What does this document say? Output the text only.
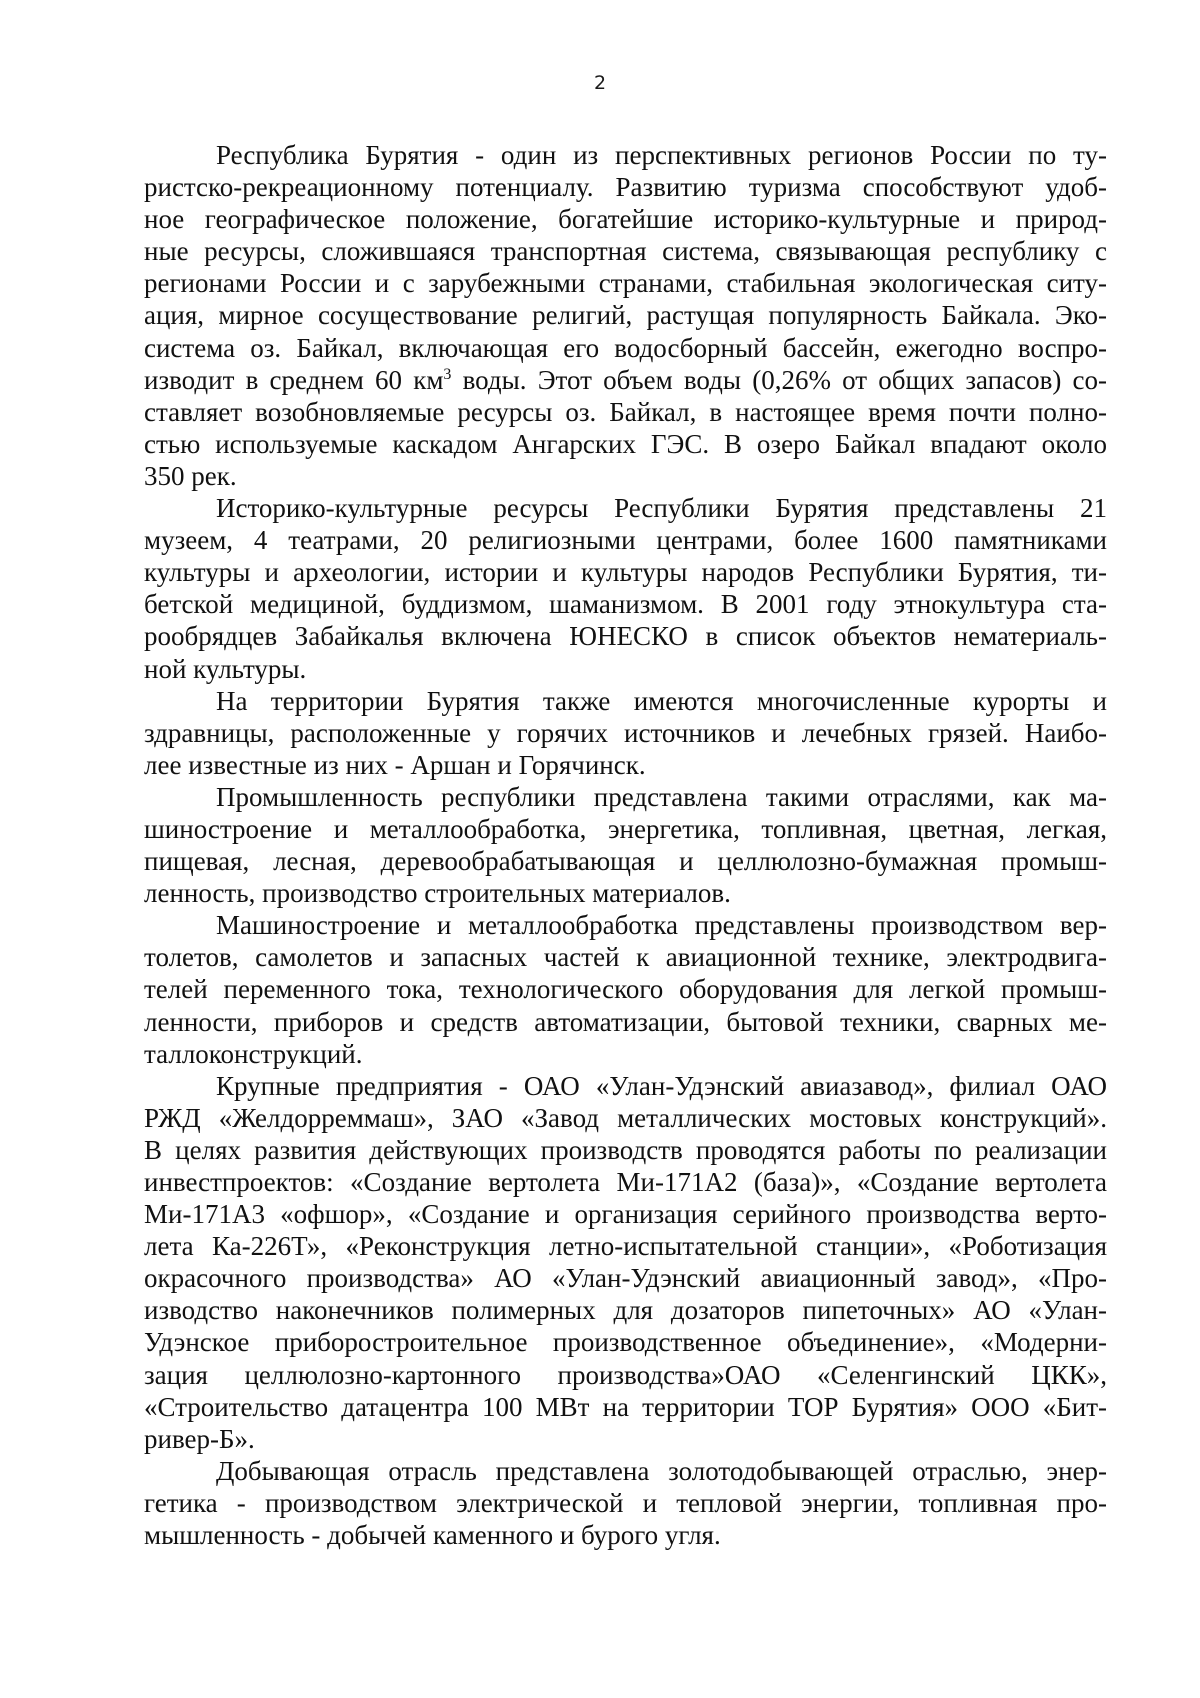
2
Республика Бурятия - один из перспективных регионов России по ту-
ристско-рекреационному потенциалу. Развитию туризма способствуют удоб-
ное географическое положение, богатейшие историко-культурные и природ-
ные ресурсы, сложившаяся транспортная система, связывающая республику с
регионами России и с зарубежными странами, стабильная экологическая ситу-
ация, мирное сосуществование религий, растущая популярность Байкала. Эко-
система оз. Байкал, включающая его водосборный бассейн, ежегодно воспро-
изводит в среднем 60 $км^3$ воды. Этот объем воды (0,26% от общих запасов) со-
ставляет возобновляемые ресурсы оз. Байкал, в настоящее время почти полно-
стью используемые каскадом Ангарских ГЭС. В озеро Байкал впадают около
350 рек.
Историко-культурные ресурсы Республики Бурятия представлены 21
музеем, 4 театрами, 20 религиозными центрами, более 1600 памятниками
культуры и археологии, истории и культуры народов Республики Бурятия, ти-
бетской медициной, буддизмом, шаманизмом. В 2001 году этнокультура ста-
рообрядцев Забайкалья включена ЮНЕСКО в список объектов нематериаль-
ной культуры.
На территории Бурятия также имеются многочисленные курорты и
здравницы, расположенные у горячих источников и лечебных грязей. Наибо-
лее известные из них - Аршан и Горячинск.
Промышленность республики представлена такими отраслями, как ма-
шиностроение и металлообработка, энергетика, топливная, цветная, легкая,
пищевая, лесная, деревообрабатывающая и целлюлозно-бумажная промыш-
ленность, производство строительных материалов.
Машиностроение и металлообработка представлены производством вер-
толетов, самолетов и запасных частей к авиационной технике, электродвига-
телей переменного тока, технологического оборудования для легкой промыш-
ленности, приборов и средств автоматизации, бытовой техники, сварных ме-
таллоконструкций.
Крупные предприятия - ОАО «Улан-Удэнский авиазавод», филиал ОАО
РЖД «Желдорреммаш», ЗАО «Завод металлических мостовых конструкций».
В целях развития действующих производств проводятся работы по реализации
инвестпроектов: «Создание вертолета Ми-171А2 (база)», «Создание вертолета
Ми-171А3 «офшор», «Создание и организация серийного производства верто-
лета Ка-226Т», «Реконструкция летно-испытательной станции», «Роботизация
окрасочного производства» АО «Улан-Удэнский авиационный завод», «Про-
изводство наконечников полимерных для дозаторов пипеточных» АО «Улан-
Удэнское приборостроительное производственное объединение», «Модерни-
зация целлюлозно-картонного производства»ОАО «Селенгинский ЦКК»,
«Строительство датацентра 100 МВт на территории ТОР Бурятия» ООО «Бит-
ривер-Б».
Добывающая отрасль представлена золотодобывающей отраслью, энер-
гетика - производством электрической и тепловой энергии, топливная про-
мышленность - добычей каменного и бурого угля.
